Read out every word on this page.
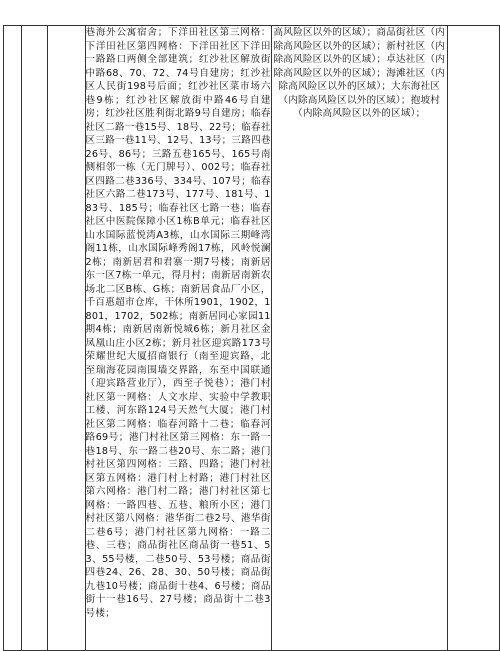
巷海外公寓宿舍；下洋田社区第三网格：下洋田社区第四网格：下洋田社区下洋田一路路口两侧全部建筑；红沙社区解放街中路68、70、72、74号自建房；红沙社区人民街198号后面；红沙社区菜市场六巷9栋；红沙社区解放街中路46号自建房；红沙社区胜利街北路9号自建房；临春社区二路一巷15号、18号、22号；临春社区三路一巷11号、12号、13号；三路四巷26号、86号；三路五巷165号、165号南侧相邻一栋（无门牌号）、002号；临春社区四路二巷336号、334号、107号；临春社区六路二巷173号、177号、181号、183号、185号；临春社区七路一巷；临春社区中医院保障小区1栋B单元；临春社区山水国际蓝悦湾A3栋，山水国际三期峰湾阁11栋，山水国际峰秀阁17栋，风岭悦澜2栋；南新居君和君寨一期7号楼；南新居东一区7栋一单元，得月村；南新居南新农场北二区B栋、G栋；南新居食品厂小区，千百惠超市仓库，干休所1901，1902，1801，1702，502栋；南新居同心家园11期4栋；南新居南新悦城6栋；新月社区金凤凰山庄小区2栋；新月社区迎宾路173号荣耀世纪大厦招商银行（南至迎宾路，北至瑞海花园南围墙交界路，东至中国联通（迎宾路营业厅），西至子悦巷）；港门村社区第一网格：人文水岸、实验中学教职工楼、河东路124号天然气大厦；港门村社区第二网格：临春河路十二巷；临春河路69号；港门村社区第三网格：东一路一巷18号、东一路二巷20号、东二路；港门村社区第四网格：三路、四路；港门村社区第五网格：港门村上村路；港门村社区第六网格：港门村二路；港门村社区第七网格：一路四巷、五巷、粮所小区；港门村社区第八网格：港华街二巷2号、港华街二巷6号；港门村社区第九网格：一路二巷、三巷；商品街社区商品街一巷51、53、55号楼，二巷50号、53号楼；商品街四巷24、26、28、30、50号楼；商品街九巷10号楼；商品街十巷4、6号楼；商品街十一巷16号、27号楼；商品街十二巷3号楼；

高风险区以外的区域）；商品街社区（内除高风险区以外的区域）；新村社区（内除高风险区以外的区域）；卓达社区（内除高风险区以外的区域）；海滩社区（内除高风险区以外的区域）；大东海社区（内除高风险区以外的区域）；抱坡村（内除高风险区以外的区域）；
